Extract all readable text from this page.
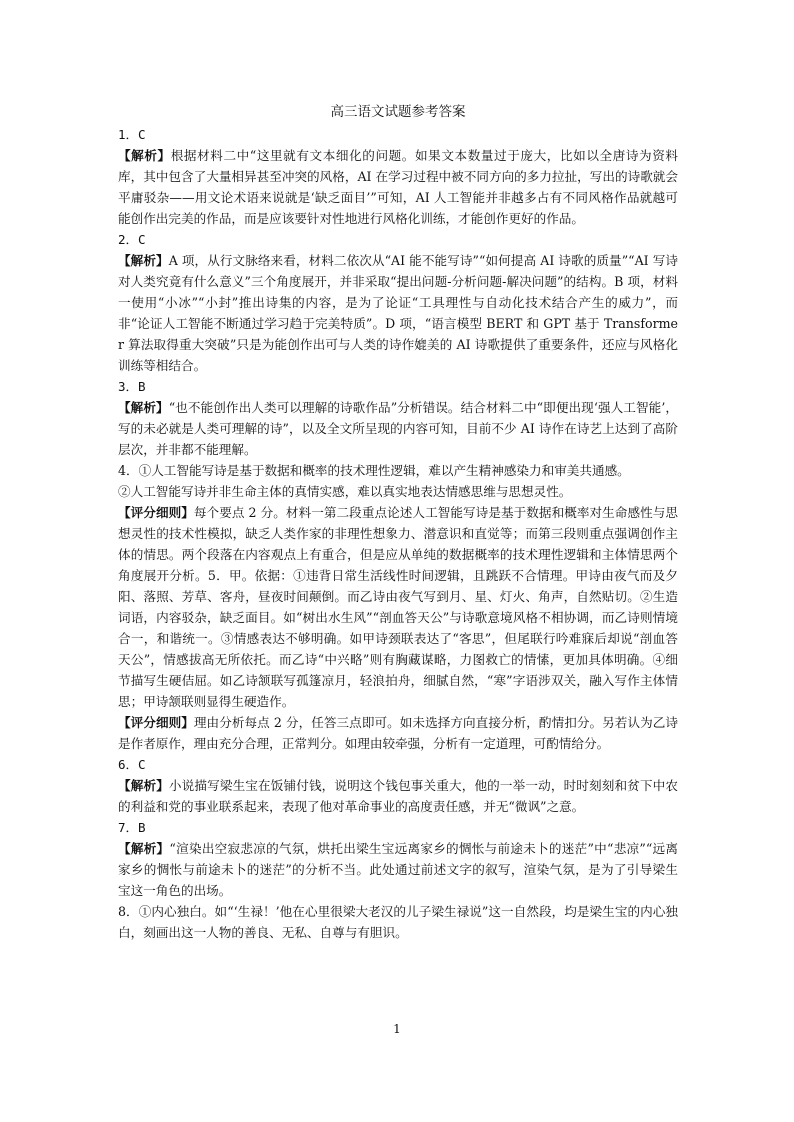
高三语文试题参考答案

1．C

【解析】根据材料二中“这里就有文本细化的问题。如果文本数量过于庞大，比如以全唐诗为资料库，其中包含了大量相异甚至冲突的风格，AI 在学习过程中被不同方向的多力拉扯，写出的诗歌就会平庸驳杂——用文论术语来说就是‘缺乏面目’”可知，AI 人工智能并非越多占有不同风格作品就越可能创作出完美的作品，而是应该要针对性地进行风格化训练，才能创作更好的作品。

2．C

【解析】A 项，从行文脉络来看，材料二依次从“AI 能不能写诗”“如何提高 AI 诗歌的质量”“AI 写诗对人类究竟有什么意义”三个角度展开，并非采取“提出问题-分析问题-解决问题”的结构。B 项，材料一使用“小冰”“小封”推出诗集的内容，是为了论证“工具理性与自动化技术结合产生的威力”，而非“论证人工智能不断通过学习趋于完美特质”。D 项，“语言模型 BERT 和 GPT 基于 Transformer 算法取得重大突破”只是为能创作出可与人类的诗作媲美的 AI 诗歌提供了重要条件，还应与风格化训练等相结合。

3．B

【解析】“也不能创作出人类可以理解的诗歌作品”分析错误。结合材料二中“即便出现‘强人工智能’，写的未必就是人类可理解的诗”，以及全文所呈现的内容可知，目前不少 AI 诗作在诗艺上达到了高阶层次，并非都不能理解。

4．①人工智能写诗是基于数据和概率的技术理性逻辑，难以产生精神感染力和审美共通感。

②人工智能写诗并非生命主体的真情实感，难以真实地表达情感思维与思想灵性。

【评分细则】每个要点 2 分。材料一第二段重点论述人工智能写诗是基于数据和概率对生命感性与思想灵性的技术性模拟，缺乏人类作家的非理性想象力、潜意识和直觉等；而第三段则重点强调创作主体的情思。两个段落在内容观点上有重合，但是应从单纯的数据概率的技术理性逻辑和主体情思两个角度展开分析。5．甲。依据：①违背日常生活线性时间逻辑，且跳跃不合情理。甲诗由夜气而及夕阳、落照、芳草、客舟，昼夜时间颠倒。而乙诗由夜气写到月、星、灯火、角声，自然贴切。②生造词语，内容驳杂，缺乏面目。如“树出水生风”“剖血答天公”与诗歌意境风格不相协调，而乙诗则情境合一，和谐统一。③情感表达不够明确。如甲诗颈联表达了“客思”，但尾联行吟难寐后却说“剖血答天公”，情感拔高无所依托。而乙诗“中兴略”则有胸藏谋略，力图救亡的情愫，更加具体明确。④细节描写生硬佶屈。如乙诗颔联写孤篷凉月，轻浪拍舟，细腻自然，“寒”字语涉双关，融入写作主体情思；甲诗颔联则显得生硬造作。

【评分细则】理由分析每点 2 分，任答三点即可。如未选择方向直接分析，酌情扣分。另若认为乙诗是作者原作，理由充分合理，正常判分。如理由较牵强，分析有一定道理，可酌情给分。

6．C

【解析】小说描写梁生宝在饭铺付钱，说明这个钱包事关重大，他的一举一动，时时刻刻和贫下中农的利益和党的事业联系起来，表现了他对革命事业的高度责任感，并无“微讽”之意。

7．B

【解析】“渲染出空寂悲凉的气氛，烘托出梁生宝远离家乡的惆怅与前途未卜的迷茫”中“悲凉”“远离家乡的惆怅与前途未卜的迷茫”的分析不当。此处通过前述文字的叙写，渲染气氛，是为了引导梁生宝这一角色的出场。

8．①内心独白。如“‘生禄！’他在心里很梁大老汉的儿子梁生禄说”这一自然段，均是梁生宝的内心独白，刻画出这一人物的善良、无私、自尊与有胆识。

1
